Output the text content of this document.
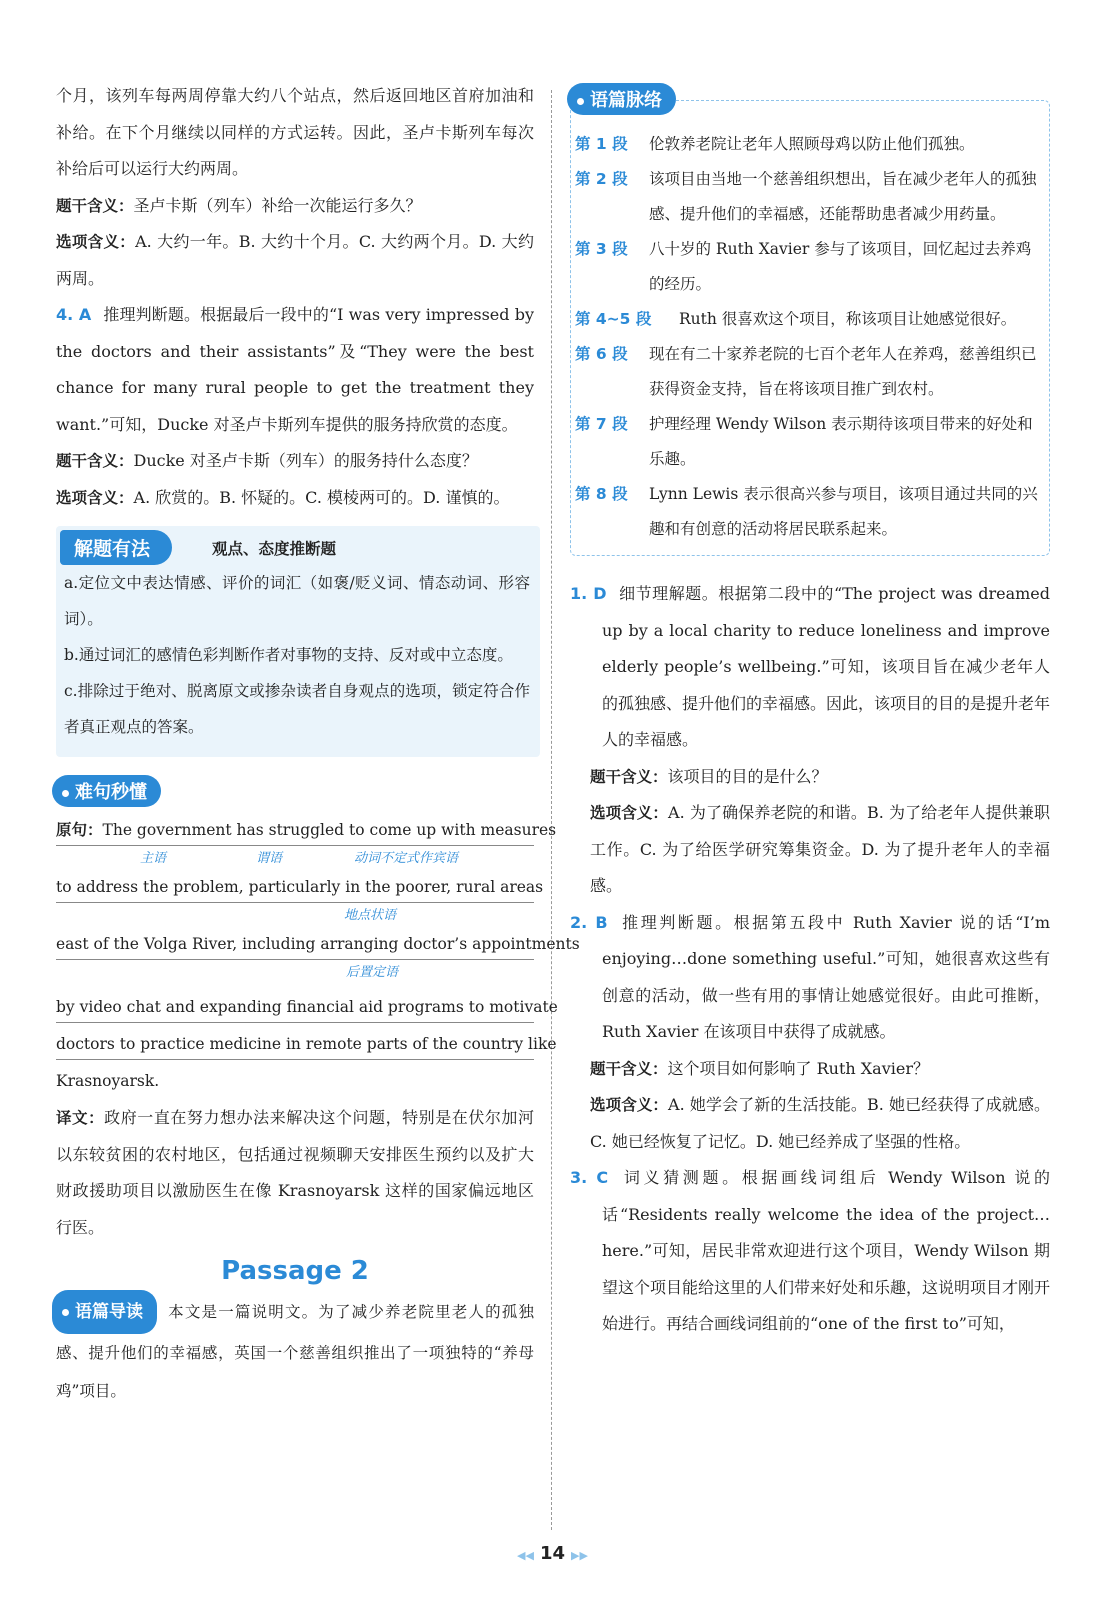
个月，该列车每两周停靠大约八个站点，然后返回地区首府加油和补给。在下个月继续以同样的方式运转。因此，圣卢卡斯列车每次补给后可以运行大约两周。

题干含义：圣卢卡斯（列车）补给一次能运行多久？

选项含义：A. 大约一年。B. 大约十个月。C. 大约两个月。D. 大约两周。

4. A 推理判断题。根据最后一段中的“I was very impressed by the doctors and their assistants”及“They were the best chance for many rural people to get the treatment they want.”可知，Ducke 对圣卢卡斯列车提供的服务持欣赏的态度。

题干含义：Ducke 对圣卢卡斯（列车）的服务持什么态度？

选项含义：A. 欣赏的。B. 怀疑的。C. 模棱两可的。D. 谨慎的。

解题有法	观点、态度推断题

a.定位文中表达情感、评价的词汇（如褒/贬义词、情态动词、形容词）。

b.通过词汇的感情色彩判断作者对事物的支持、反对或中立态度。

c.排除过于绝对、脱离原文或掺杂读者自身观点的选项，锁定符合作者真正观点的答案。

难句秒懂
原句：The government has struggled to come up with measures
主语	谓语	动词不定式作宾语
to address the problem, particularly in the poorer, rural areas
地点状语
east of the Volga River, including arranging doctor’s appointments
后置定语
by video chat and expanding financial aid programs to motivate
doctors to practice medicine in remote parts of the country like
Krasnoyarsk.

译文：政府一直在努力想办法来解决这个问题，特别是在伏尔加河以东较贫困的农村地区，包括通过视频聊天安排医生预约以及扩大财政援助项目以激励医生在像 Krasnoyarsk 这样的国家偏远地区行医。

Passage 2

语篇导读 本文是一篇说明文。为了减少养老院里老人的孤独感、提升他们的幸福感，英国一个慈善组织推出了一项独特的“养母鸡”项目。

语篇脉络
第 1 段	伦敦养老院让老年人照顾母鸡以防止他们孤独。
第 2 段	该项目由当地一个慈善组织想出，旨在减少老年人的孤独感、提升他们的幸福感，还能帮助患者减少用药量。
第 3 段	八十岁的 Ruth Xavier 参与了该项目，回忆起过去养鸡的经历。
第 4~5 段	Ruth 很喜欢这个项目，称该项目让她感觉很好。
第 6 段	现在有二十家养老院的七百个老年人在养鸡，慈善组织已获得资金支持，旨在将该项目推广到农村。
第 7 段	护理经理 Wendy Wilson 表示期待该项目带来的好处和乐趣。
第 8 段	Lynn Lewis 表示很高兴参与项目，该项目通过共同的兴趣和有创意的活动将居民联系起来。

1. D 细节理解题。根据第二段中的“The project was dreamed up by a local charity to reduce loneliness and improve elderly people’s wellbeing.”可知，该项目旨在减少老年人的孤独感、提升他们的幸福感。因此，该项目的目的是提升老年人的幸福感。

题干含义：该项目的目的是什么？

选项含义：A. 为了确保养老院的和谐。B. 为了给老年人提供兼职工作。C. 为了给医学研究筹集资金。D. 为了提升老年人的幸福感。

2. B 推理判断题。根据第五段中 Ruth Xavier 说的话“I’m enjoying…done something useful.”可知，她很喜欢这些有创意的活动，做一些有用的事情让她感觉很好。由此可推断，Ruth Xavier 在该项目中获得了成就感。

题干含义：这个项目如何影响了 Ruth Xavier？

选项含义：A. 她学会了新的生活技能。B. 她已经获得了成就感。C. 她已经恢复了记忆。D. 她已经养成了坚强的性格。

3. C 词义猜测题。根据画线词组后 Wendy Wilson 说的话“Residents really welcome the idea of the project…here.”可知，居民非常欢迎进行这个项目，Wendy Wilson 期望这个项目能给这里的人们带来好处和乐趣，这说明项目才刚开始进行。再结合画线词组前的“one of the first to”可知，

◀◀ 14 ▶▶
